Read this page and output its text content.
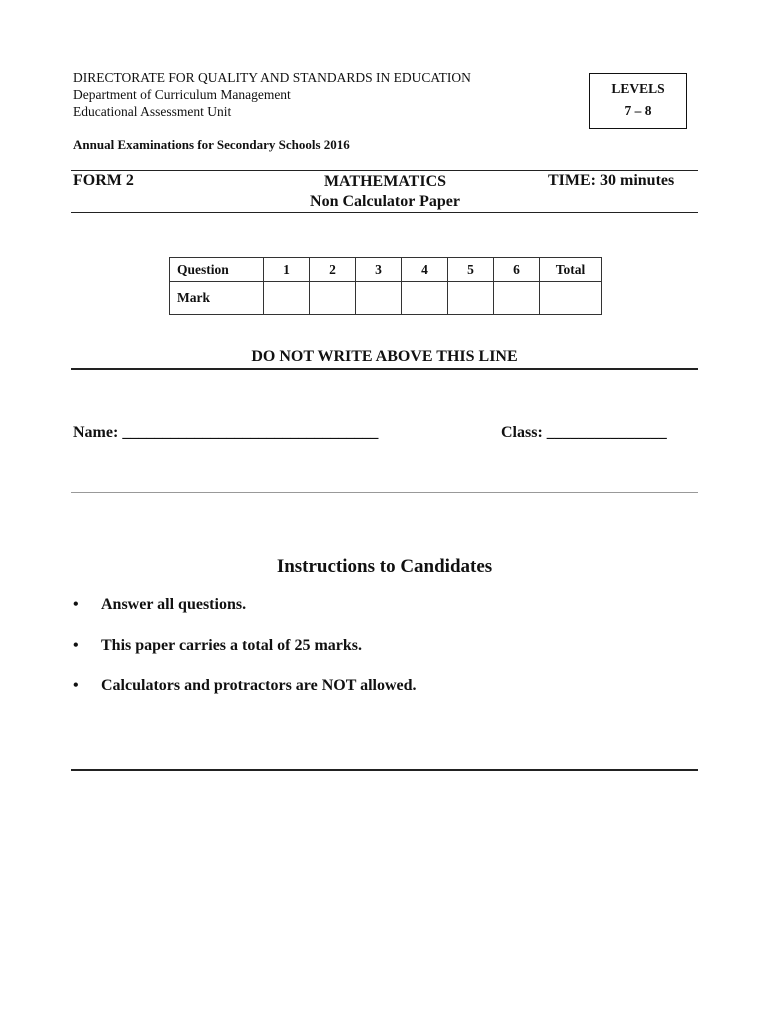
DIRECTORATE FOR QUALITY AND STANDARDS IN EDUCATION
Department of Curriculum Management
Educational Assessment Unit
LEVELS
7 – 8
Annual Examinations for Secondary Schools 2016
FORM 2	MATHEMATICS
Non Calculator Paper
TIME: 30 minutes
Question	1	2	3	4	5	6	Total
Mark							
DO NOT WRITE ABOVE THIS LINE
Name: ________________________________	Class: _______________
Instructions to Candidates
• Answer all questions.
• This paper carries a total of 25 marks.
• Calculators and protractors are NOT allowed.
